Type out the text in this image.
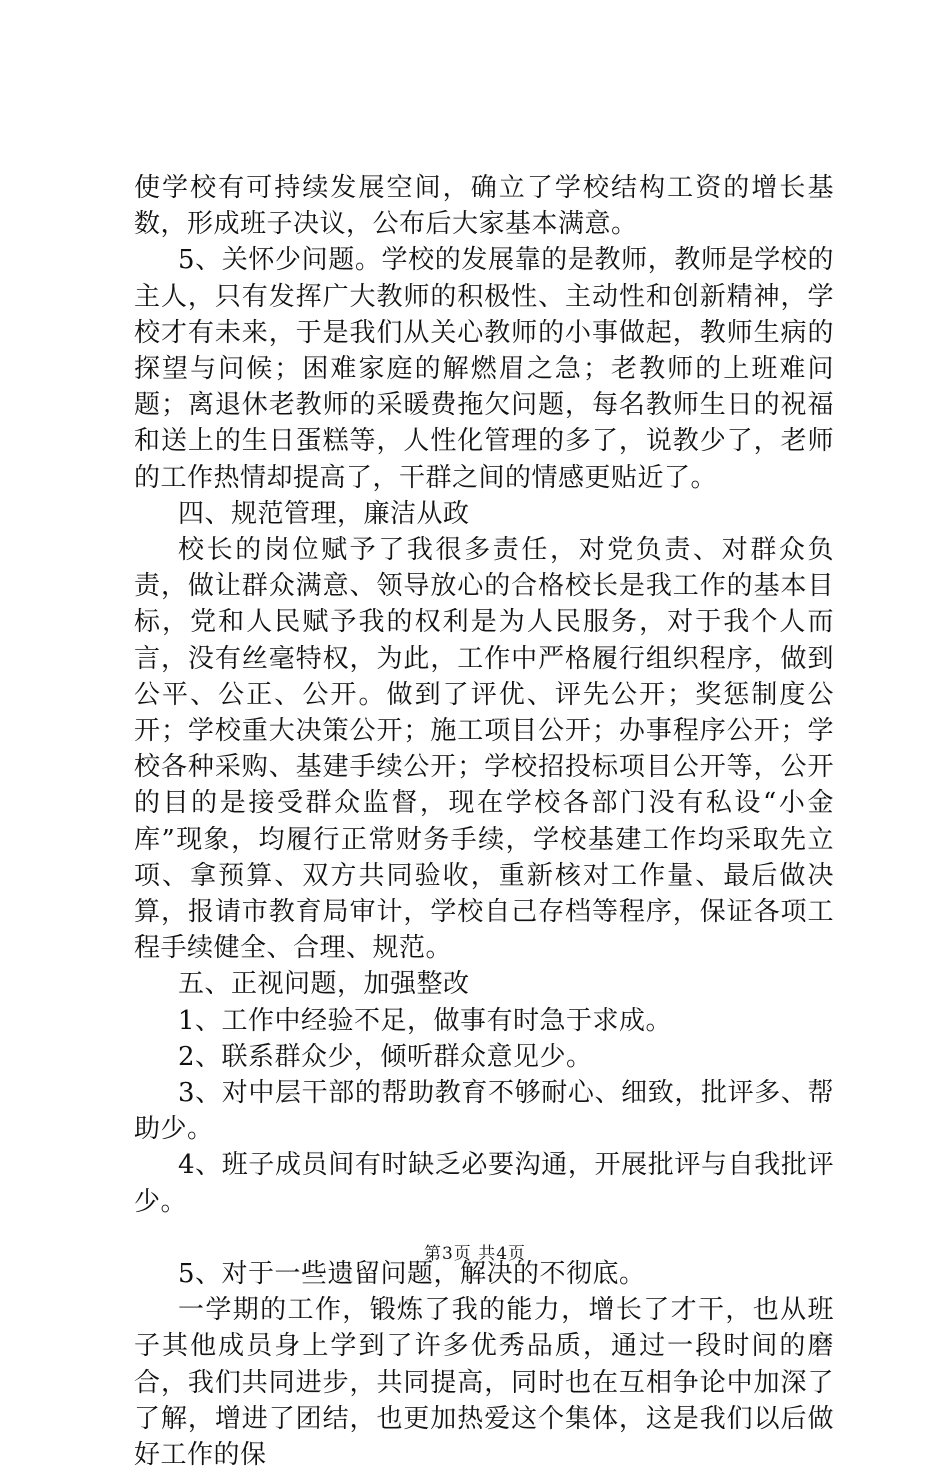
使学校有可持续发展空间，确立了学校结构工资的增长基数，形成班子决议，公布后大家基本满意。

5、关怀少问题。学校的发展靠的是教师，教师是学校的主人，只有发挥广大教师的积极性、主动性和创新精神，学校才有未来，于是我们从关心教师的小事做起，教师生病的探望与问候；困难家庭的解燃眉之急；老教师的上班难问题；离退休老教师的采暖费拖欠问题，每名教师生日的祝福和送上的生日蛋糕等，人性化管理的多了，说教少了，老师的工作热情却提高了，干群之间的情感更贴近了。

四、规范管理，廉洁从政

校长的岗位赋予了我很多责任，对党负责、对群众负责，做让群众满意、领导放心的合格校长是我工作的基本目标，党和人民赋予我的权利是为人民服务，对于我个人而言，没有丝毫特权，为此，工作中严格履行组织程序，做到公平、公正、公开。做到了评优、评先公开；奖惩制度公开；学校重大决策公开；施工项目公开；办事程序公开；学校各种采购、基建手续公开；学校招投标项目公开等，公开的目的是接受群众监督，现在学校各部门没有私设“小金库”现象，均履行正常财务手续，学校基建工作均采取先立项、拿预算、双方共同验收，重新核对工作量、最后做决算，报请市教育局审计，学校自己存档等程序，保证各项工程手续健全、合理、规范。

五、正视问题，加强整改

1、工作中经验不足，做事有时急于求成。

2、联系群众少，倾听群众意见少。

3、对中层干部的帮助教育不够耐心、细致，批评多、帮助少。

4、班子成员间有时缺乏必要沟通，开展批评与自我批评少。

5、对于一些遗留问题，解决的不彻底。

一学期的工作，锻炼了我的能力，增长了才干，也从班子其他成员身上学到了许多优秀品质，通过一段时间的磨合，我们共同进步，共同提高，同时也在互相争论中加深了了解，增进了团结，也更加热爱这个集体，这是我们以后做好工作的保

第3页 共4页
